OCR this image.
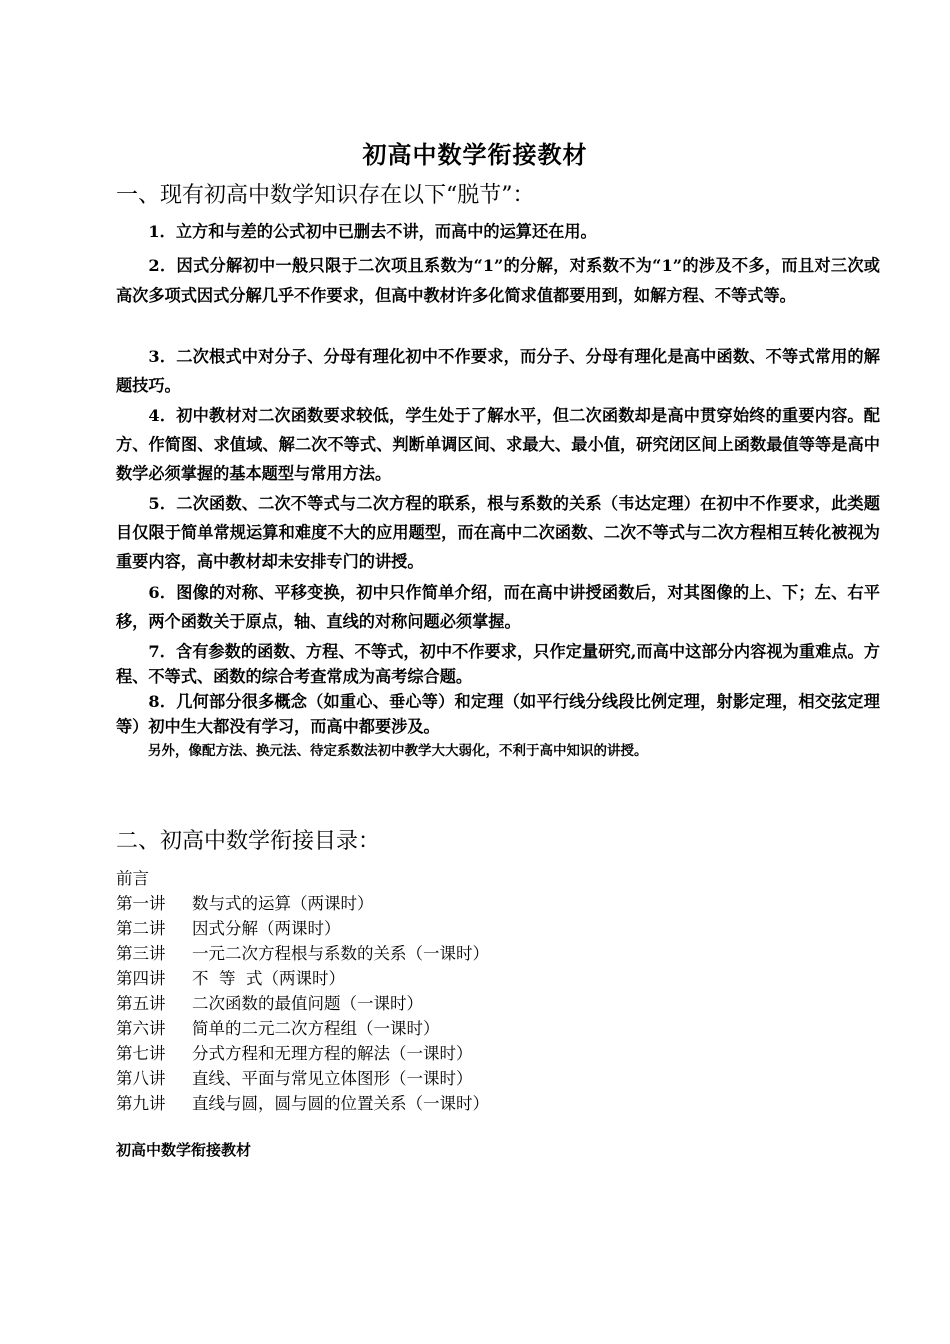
初高中数学衔接教材
一、现有初高中数学知识存在以下“脱节”：

1．立方和与差的公式初中已删去不讲，而高中的运算还在用。

2．因式分解初中一般只限于二次项且系数为“1”的分解，对系数不为“1”的涉及不多，而且对三次或高次多项式因式分解几乎不作要求，但高中教材许多化简求值都要用到，如解方程、不等式等。

3．二次根式中对分子、分母有理化初中不作要求，而分子、分母有理化是高中函数、不等式常用的解题技巧。

4．初中教材对二次函数要求较低，学生处于了解水平，但二次函数却是高中贯穿始终的重要内容。配方、作简图、求值域、解二次不等式、判断单调区间、求最大、最小值，研究闭区间上函数最值等等是高中数学必须掌握的基本题型与常用方法。

5．二次函数、二次不等式与二次方程的联系，根与系数的关系（韦达定理）在初中不作要求，此类题目仅限于简单常规运算和难度不大的应用题型，而在高中二次函数、二次不等式与二次方程相互转化被视为重要内容，高中教材却未安排专门的讲授。

6．图像的对称、平移变换，初中只作简单介绍，而在高中讲授函数后，对其图像的上、下；左、右平移，两个函数关于原点，轴、直线的对称问题必须掌握。

7．含有参数的函数、方程、不等式，初中不作要求，只作定量研究,而高中这部分内容视为重难点。方程、不等式、函数的综合考查常成为高考综合题。

8．几何部分很多概念（如重心、垂心等）和定理（如平行线分线段比例定理，射影定理，相交弦定理等）初中生大都没有学习，而高中都要涉及。

另外，像配方法、换元法、待定系数法初中教学大大弱化，不利于高中知识的讲授。

二、初高中数学衔接目录：
前言
第一讲 数与式的运算（两课时）
第二讲 因式分解（两课时）
第三讲 一元二次方程根与系数的关系（一课时）
第四讲 不  等  式（两课时）
第五讲 二次函数的最值问题（一课时）
第六讲 简单的二元二次方程组（一课时）
第七讲 分式方程和无理方程的解法（一课时）
第八讲 直线、平面与常见立体图形（一课时）
第九讲 直线与圆，圆与圆的位置关系（一课时）
初高中数学衔接教材
